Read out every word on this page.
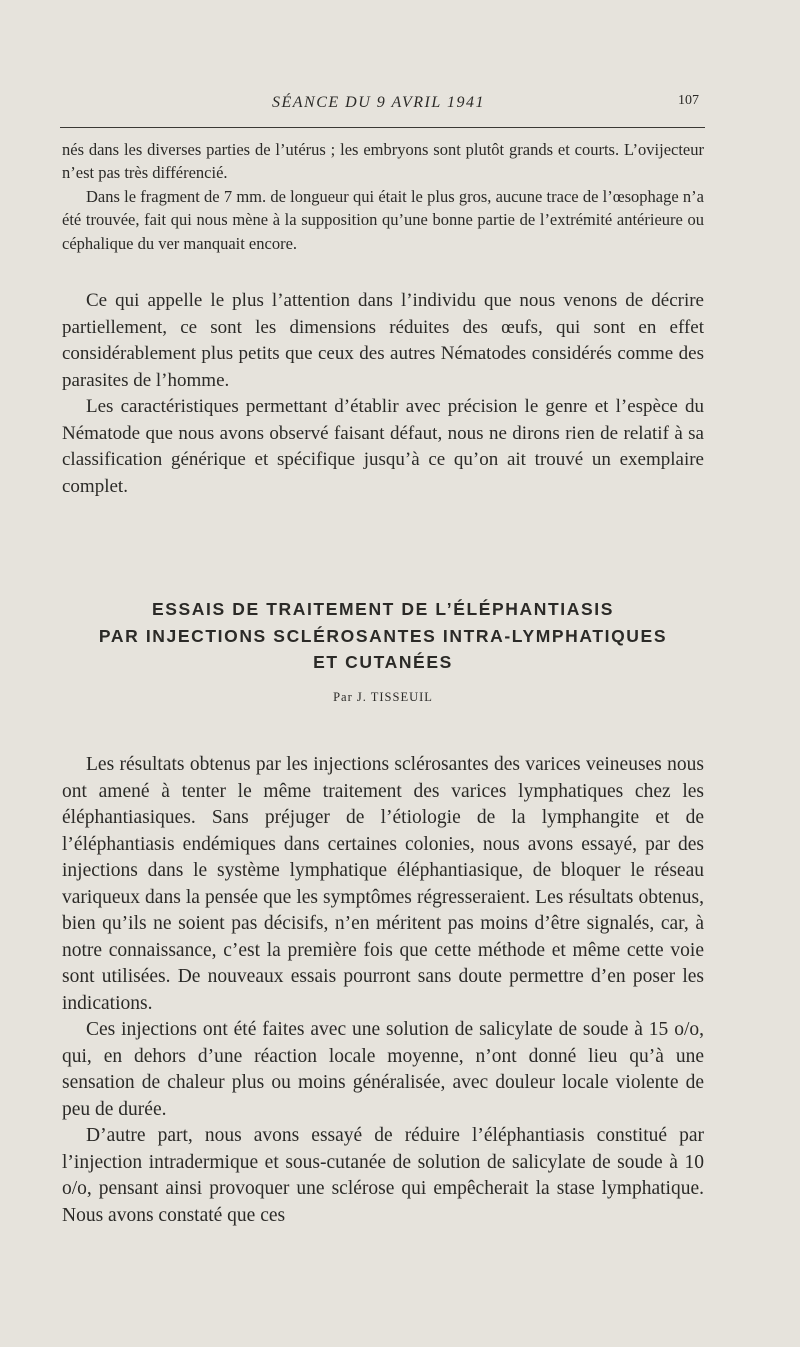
SÉANCE DU 9 AVRIL 1941	107

nés dans les diverses parties de l’utérus ; les embryons sont plutôt grands et courts. L’ovijecteur n’est pas très différencié.

Dans le fragment de 7 mm. de longueur qui était le plus gros, aucune trace de l’œsophage n’a été trouvée, fait qui nous mène à la supposition qu’une bonne partie de l’extrémité antérieure ou céphalique du ver manquait encore.

Ce qui appelle le plus l’attention dans l’individu que nous venons de décrire partiellement, ce sont les dimensions réduites des œufs, qui sont en effet considérablement plus petits que ceux des autres Nématodes considérés comme des parasites de l’homme.

Les caractéristiques permettant d’établir avec précision le genre et l’espèce du Nématode que nous avons observé faisant défaut, nous ne dirons rien de relatif à sa classification générique et spécifique jusqu’à ce qu’on ait trouvé un exemplaire complet.

ESSAIS DE TRAITEMENT DE L’ÉLÉPHANTIASIS
PAR INJECTIONS SCLÉROSANTES INTRA-LYMPHATIQUES
ET CUTANÉES
Par J. TISSEUIL

Les résultats obtenus par les injections sclérosantes des varices veineuses nous ont amené à tenter le même traitement des varices lymphatiques chez les éléphantiasiques. Sans préjuger de l’étiologie de la lymphangite et de l’éléphantiasis endémiques dans certaines colonies, nous avons essayé, par des injections dans le système lymphatique éléphantiasique, de bloquer le réseau variqueux dans la pensée que les symptômes régresseraient. Les résultats obtenus, bien qu’ils ne soient pas décisifs, n’en méritent pas moins d’être signalés, car, à notre connaissance, c’est la première fois que cette méthode et même cette voie sont utilisées. De nouveaux essais pourront sans doute permettre d’en poser les indications.

Ces injections ont été faites avec une solution de salicylate de soude à 15 o/o, qui, en dehors d’une réaction locale moyenne, n’ont donné lieu qu’à une sensation de chaleur plus ou moins généralisée, avec douleur locale violente de peu de durée.

D’autre part, nous avons essayé de réduire l’éléphantiasis constitué par l’injection intradermique et sous-cutanée de solution de salicylate de soude à 10 o/o, pensant ainsi provoquer une sclérose qui empêcherait la stase lymphatique. Nous avons constaté que ces
